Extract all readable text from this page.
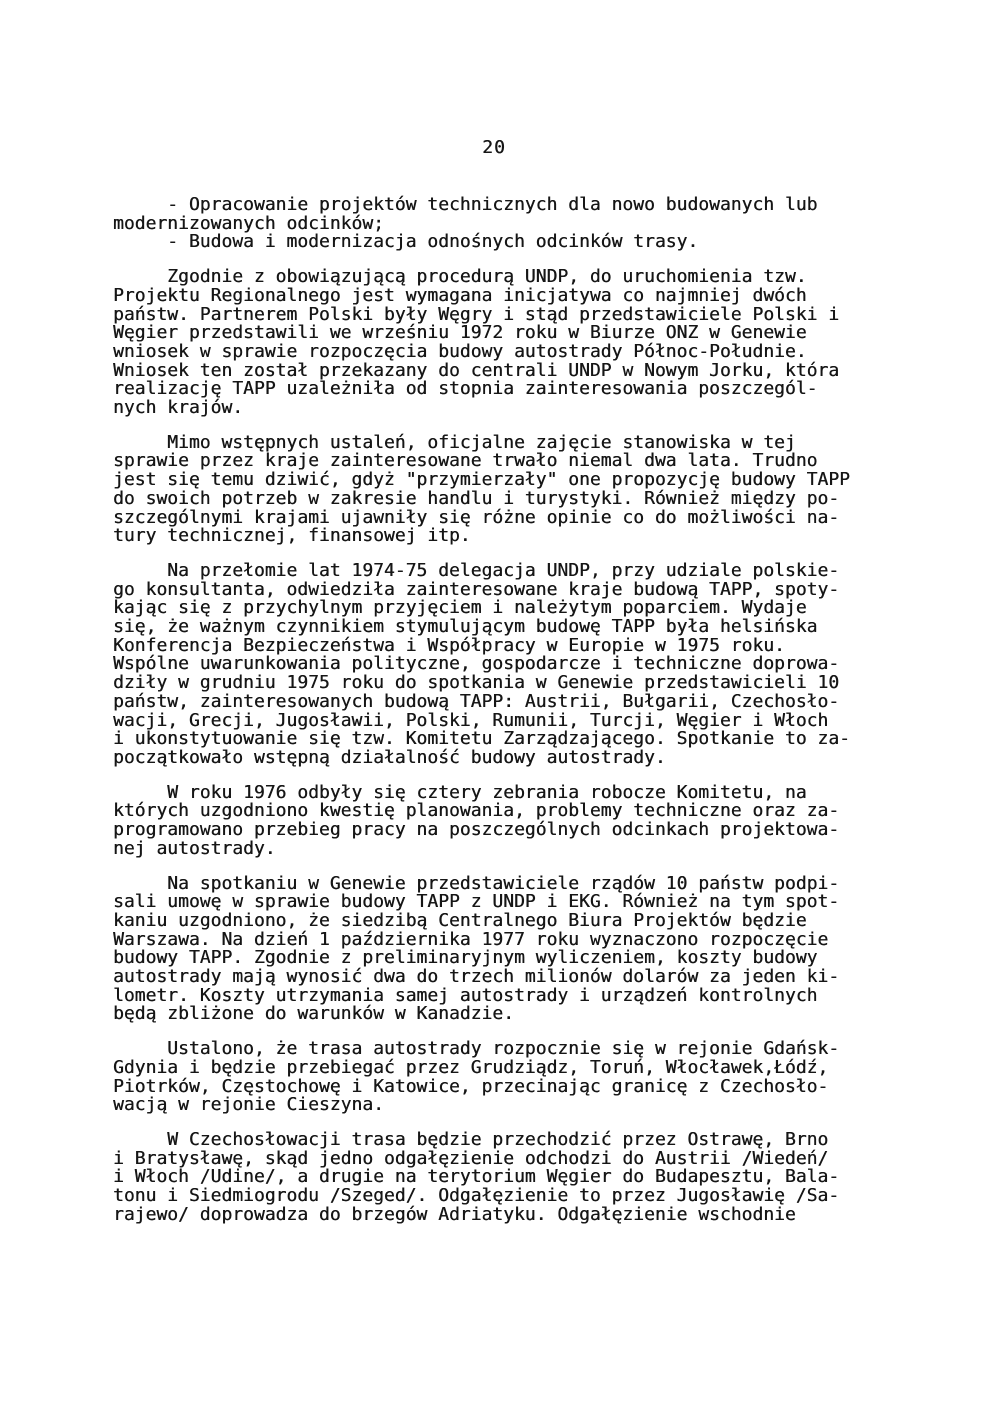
20
- Opracowanie projektów technicznych dla nowo budowanych lub
modernizowanych odcinków;
- Budowa i modernizacja odnośnych odcinków trasy.
Zgodnie z obowiązującą procedurą UNDP, do uruchomienia tzw.
Projektu Regionalnego jest wymagana inicjatywa co najmniej dwóch
państw. Partnerem Polski były Węgry i stąd przedstawiciele Polski i
Węgier przedstawili we wrześniu 1972 roku w Biurze ONZ w Genewie
wniosek w sprawie rozpoczęcia budowy autostrady Północ-Południe.
Wniosek ten został przekazany do centrali UNDP w Nowym Jorku, która
realizację TAPP uzależniła od stopnia zainteresowania poszczegól-
nych krajów.
Mimo wstępnych ustaleń, oficjalne zajęcie stanowiska w tej
sprawie przez kraje zainteresowane trwało niemal dwa lata. Trudno
jest się temu dziwić, gdyż "przymierzały" one propozycję budowy TAPP
do swoich potrzeb w zakresie handlu i turystyki. Również między po-
szczególnymi krajami ujawniły się różne opinie co do możliwości na-
tury technicznej, finansowej itp.
Na przełomie lat 1974-75 delegacja UNDP, przy udziale polskie-
go konsultanta, odwiedziła zainteresowane kraje budową TAPP, spoty-
kając się z przychylnym przyjęciem i należytym poparciem. Wydaje
się, że ważnym czynnikiem stymulującym budowę TAPP była helsińska
Konferencja Bezpieczeństwa i Współpracy w Europie w 1975 roku.
Wspólne uwarunkowania polityczne, gospodarcze i techniczne doprowa-
dziły w grudniu 1975 roku do spotkania w Genewie przedstawicieli 10
państw, zainteresowanych budową TAPP: Austrii, Bułgarii, Czechosło-
wacji, Grecji, Jugosławii, Polski, Rumunii, Turcji, Węgier i Włoch
i ukonstytuowanie się tzw. Komitetu Zarządzającego. Spotkanie to za-
początkowało wstępną działalność budowy autostrady.
W roku 1976 odbyły się cztery zebrania robocze Komitetu, na
których uzgodniono kwestię planowania, problemy techniczne oraz za-
programowano przebieg pracy na poszczególnych odcinkach projektowa-
nej autostrady.
Na spotkaniu w Genewie przedstawiciele rządów 10 państw podpi-
sali umowę w sprawie budowy TAPP z UNDP i EKG. Również na tym spot-
kaniu uzgodniono, że siedzibą Centralnego Biura Projektów będzie
Warszawa. Na dzień 1 października 1977 roku wyznaczono rozpoczęcie
budowy TAPP. Zgodnie z preliminaryjnym wyliczeniem, koszty budowy
autostrady mają wynosić dwa do trzech milionów dolarów za jeden ki-
lometr. Koszty utrzymania samej autostrady i urządzeń kontrolnych
będą zbliżone do warunków w Kanadzie.
Ustalono, że trasa autostrady rozpocznie się w rejonie Gdańsk-
Gdynia i będzie przebiegać przez Grudziądz, Toruń, Włocławek,Łódź,
Piotrków, Częstochowę i Katowice, przecinając granicę z Czechosło-
wacją w rejonie Cieszyna.
W Czechosłowacji trasa będzie przechodzić przez Ostrawę, Brno
i Bratysławę, skąd jedno odgałęzienie odchodzi do Austrii /Wiedeń/
i Włoch /Udine/, a drugie na terytorium Węgier do Budapesztu, Bala-
tonu i Siedmiogrodu /Szeged/. Odgałęzienie to przez Jugosławię /Sa-
rajewo/ doprowadza do brzegów Adriatyku. Odgałęzienie wschodnie
